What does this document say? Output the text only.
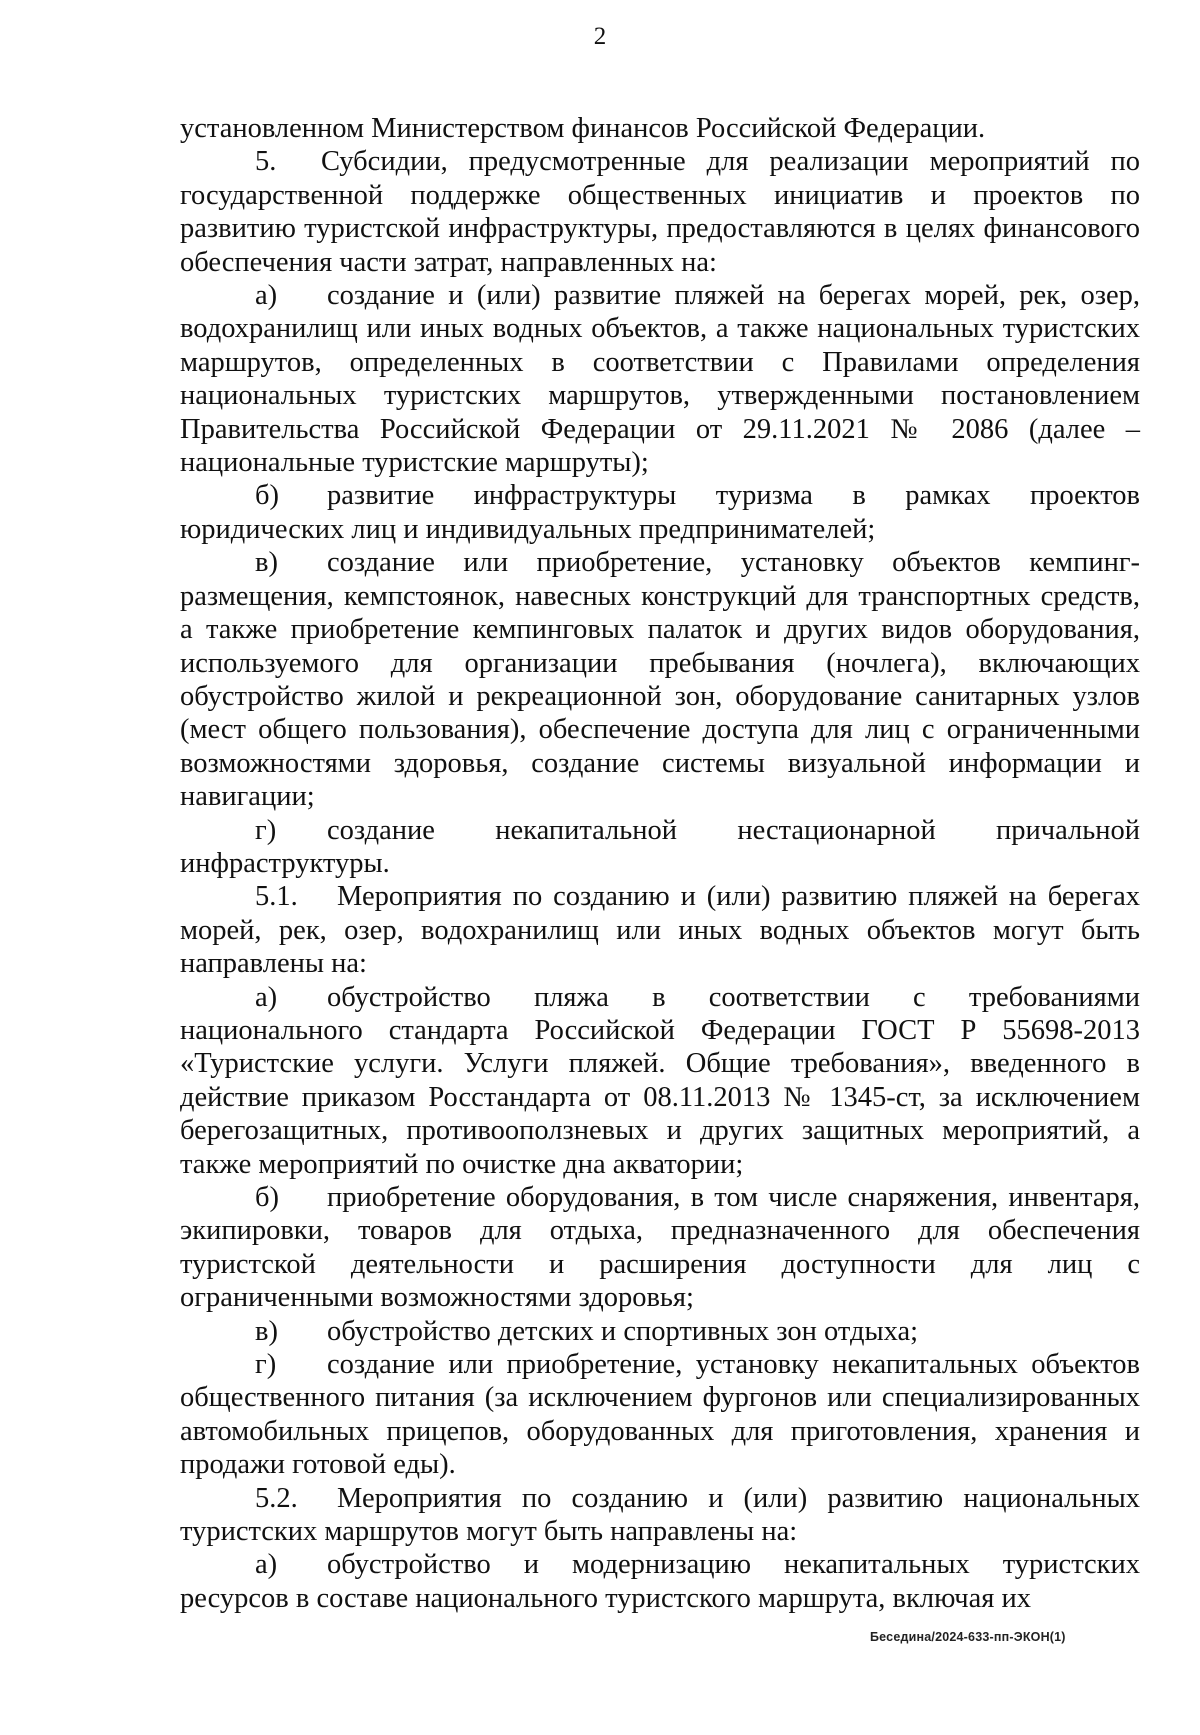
2

установленном Министерством финансов Российской Федерации.

5. Субсидии, предусмотренные для реализации мероприятий по государственной поддержке общественных инициатив и проектов по развитию туристской инфраструктуры, предоставляются в целях финансового обеспечения части затрат, направленных на:

а) создание и (или) развитие пляжей на берегах морей, рек, озер, водохранилищ или иных водных объектов, а также национальных туристских маршрутов, определенных в соответствии с Правилами определения национальных туристских маршрутов, утвержденными постановлением Правительства Российской Федерации от 29.11.2021 № 2086 (далее – национальные туристские маршруты);

б) развитие инфраструктуры туризма в рамках проектов юридических лиц и индивидуальных предпринимателей;

в) создание или приобретение, установку объектов кемпинг-размещения, кемпстоянок, навесных конструкций для транспортных средств, а также приобретение кемпинговых палаток и других видов оборудования, используемого для организации пребывания (ночлега), включающих обустройство жилой и рекреационной зон, оборудование санитарных узлов (мест общего пользования), обеспечение доступа для лиц с ограниченными возможностями здоровья, создание системы визуальной информации и навигации;

г) создание некапитальной нестационарной причальной инфраструктуры.

5.1. Мероприятия по созданию и (или) развитию пляжей на берегах морей, рек, озер, водохранилищ или иных водных объектов могут быть направлены на:

а) обустройство пляжа в соответствии с требованиями национального стандарта Российской Федерации ГОСТ Р 55698-2013 «Туристские услуги. Услуги пляжей. Общие требования», введенного в действие приказом Росстандарта от 08.11.2013 № 1345-ст, за исключением берегозащитных, противооползневых и других защитных мероприятий, а также мероприятий по очистке дна акватории;

б) приобретение оборудования, в том числе снаряжения, инвентаря, экипировки, товаров для отдыха, предназначенного для обеспечения туристской деятельности и расширения доступности для лиц с ограниченными возможностями здоровья;

в) обустройство детских и спортивных зон отдыха;

г) создание или приобретение, установку некапитальных объектов общественного питания (за исключением фургонов или специализированных автомобильных прицепов, оборудованных для приготовления, хранения и продажи готовой еды).

5.2. Мероприятия по созданию и (или) развитию национальных туристских маршрутов могут быть направлены на:

а) обустройство и модернизацию некапитальных туристских ресурсов в составе национального туристского маршрута, включая их

Беседина/2024-633-пп-ЭКОН(1)
